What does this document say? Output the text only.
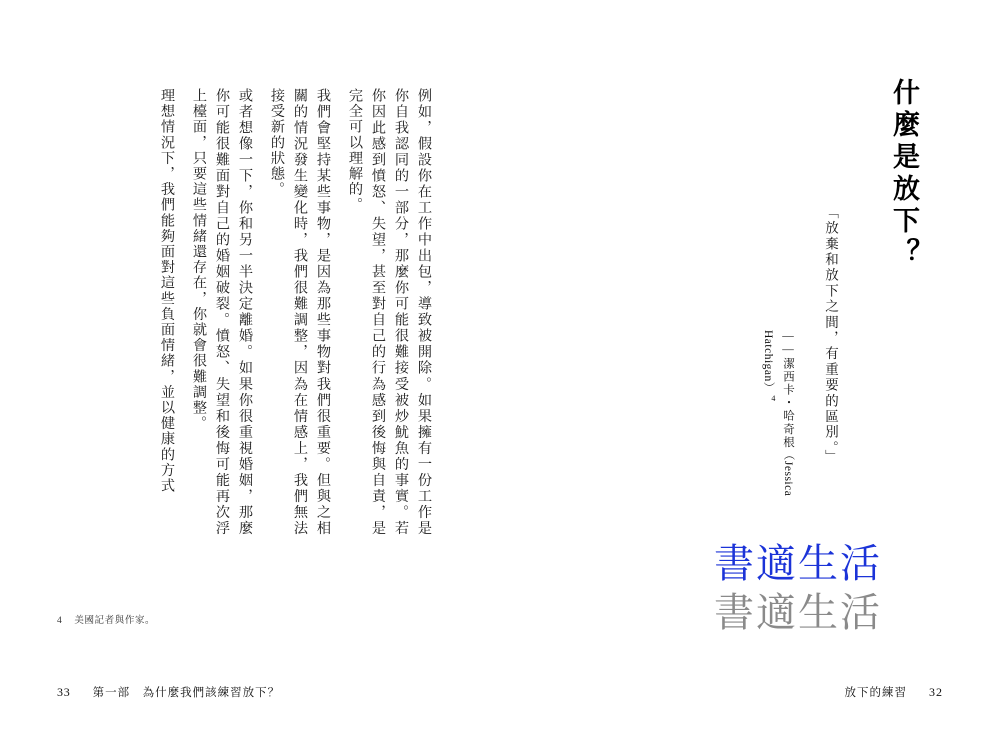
例如，假設你在工作中出包，導致被開除。如果擁有一份工作是你自我認同的一部分，那麼你可能很難接受被炒魷魚的事實。若你因此感到憤怒、失望，甚至對自己的行為感到後悔與自責，是完全可以理解的。
我們會堅持某些事物，是因為那些事物對我們很重要。但與之相關的情況發生變化時，我們很難調整，因為在情感上，我們無法接受新的狀態。
或者想像一下，你和另一半決定離婚。如果你很重視婚姻，那麼你可能很難面對自己的婚姻破裂。憤怒、失望和後悔可能再次浮上檯面，只要這些情緒還存在，你就會很難調整。
理想情況下，我們能夠面對這些負面情緒，並以健康的方式
4 美國記者與作家。
33 第一部　為什麼我們該練習放下？
什麼是放下？
「放棄和放下之間，有重要的區別。」
——潔西卡・哈奇根（Jessica Hatchigan）$^4$
書適生活
書適生活
放下的練習 32
